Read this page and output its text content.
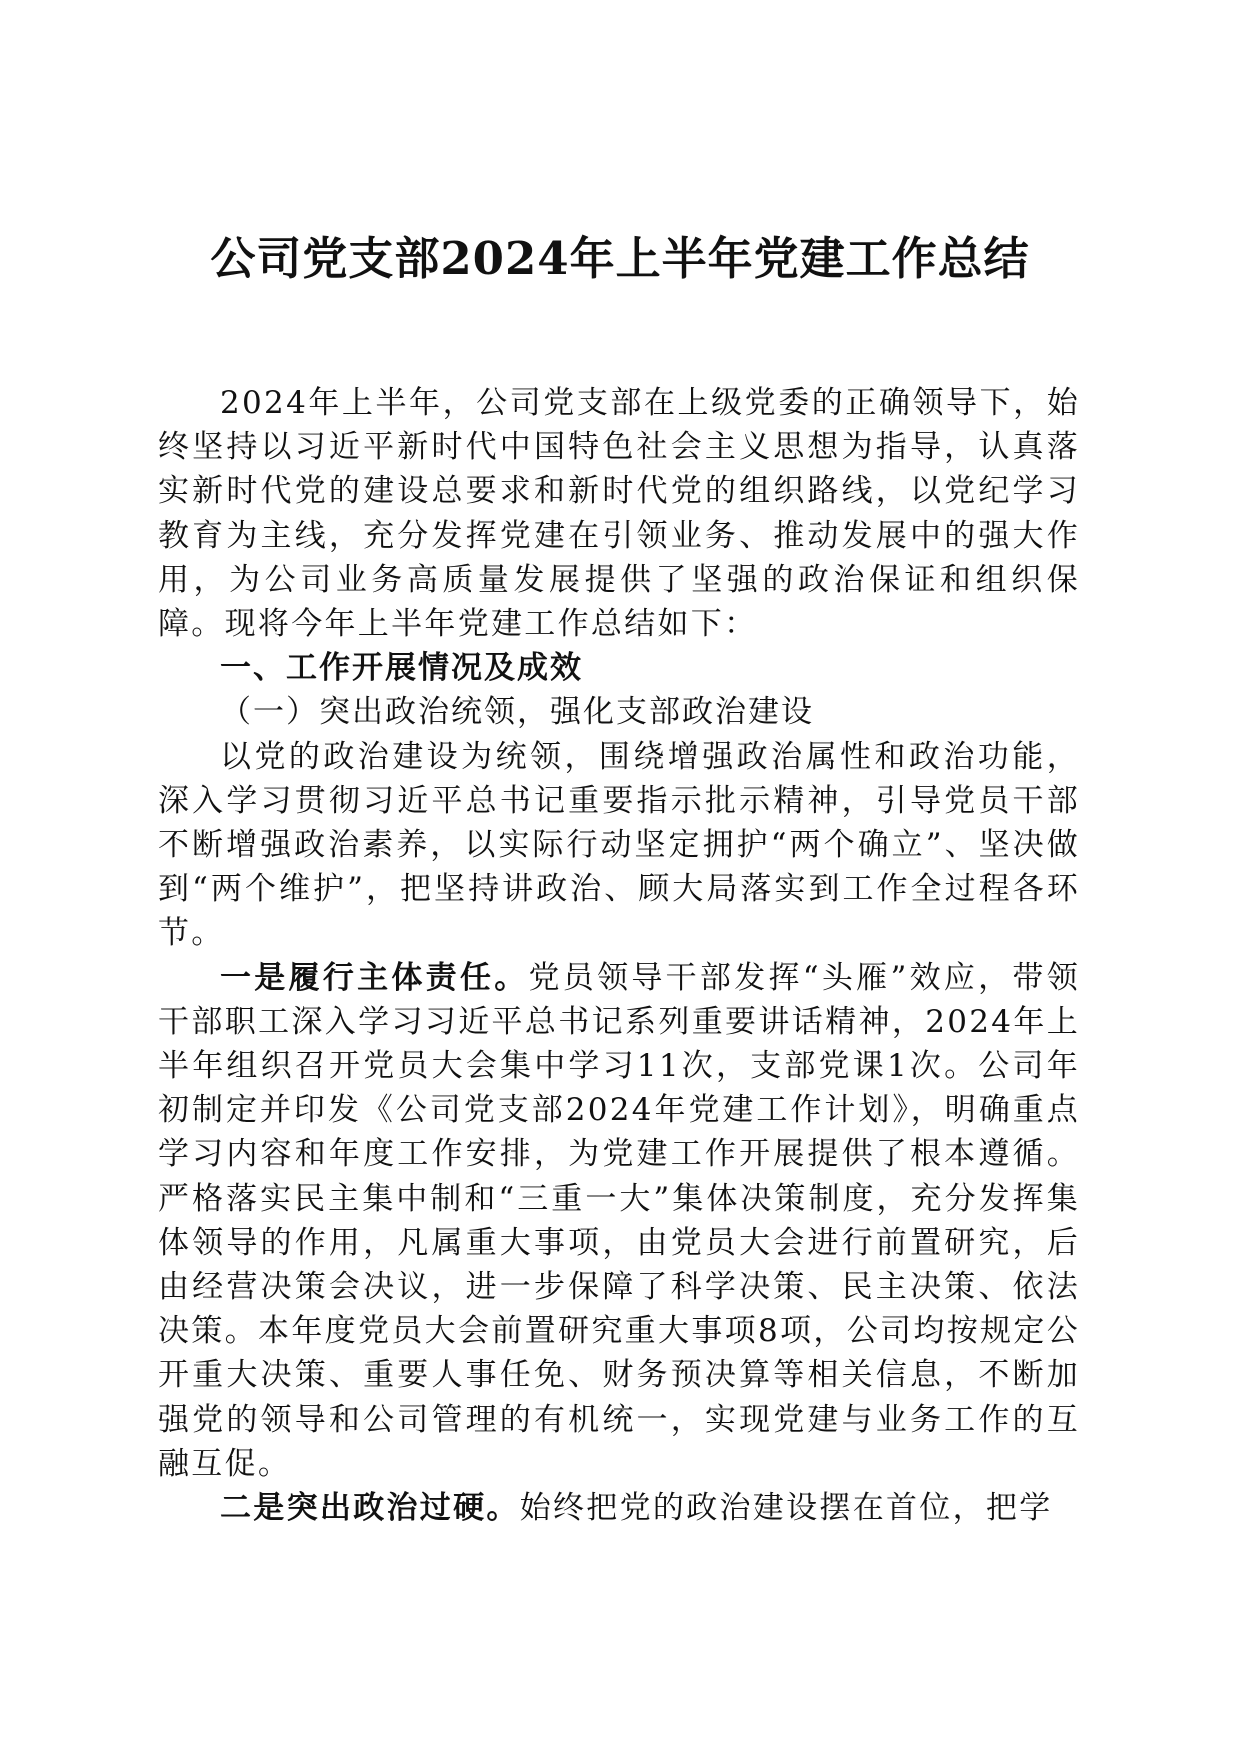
公司党支部2024年上半年党建工作总结

2024年上半年，公司党支部在上级党委的正确领导下，始终坚持以习近平新时代中国特色社会主义思想为指导，认真落实新时代党的建设总要求和新时代党的组织路线，以党纪学习教育为主线，充分发挥党建在引领业务、推动发展中的强大作用，为公司业务高质量发展提供了坚强的政治保证和组织保障。现将今年上半年党建工作总结如下：

一、工作开展情况及成效

（一）突出政治统领，强化支部政治建设

以党的政治建设为统领，围绕增强政治属性和政治功能，深入学习贯彻习近平总书记重要指示批示精神，引导党员干部不断增强政治素养，以实际行动坚定拥护“两个确立”、坚决做到“两个维护”，把坚持讲政治、顾大局落实到工作全过程各环节。

一是履行主体责任。党员领导干部发挥“头雁”效应，带领干部职工深入学习习近平总书记系列重要讲话精神，2024年上半年组织召开党员大会集中学习11次，支部党课1次。公司年初制定并印发《公司党支部2024年党建工作计划》，明确重点学习内容和年度工作安排，为党建工作开展提供了根本遵循。严格落实民主集中制和“三重一大”集体决策制度，充分发挥集体领导的作用，凡属重大事项，由党员大会进行前置研究，后由经营决策会决议，进一步保障了科学决策、民主决策、依法决策。本年度党员大会前置研究重大事项8项，公司均按规定公开重大决策、重要人事任免、财务预决算等相关信息，不断加强党的领导和公司管理的有机统一，实现党建与业务工作的互融互促。

二是突出政治过硬。始终把党的政治建设摆在首位，把学
